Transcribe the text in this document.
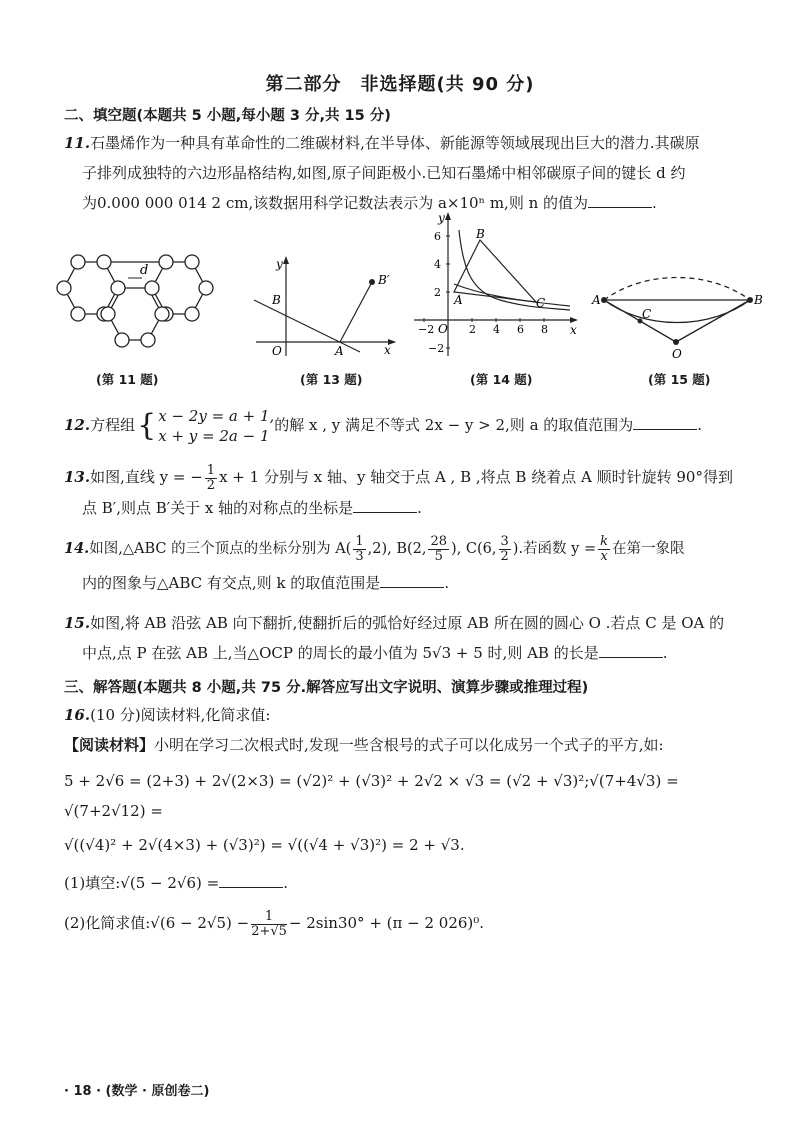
第二部分　非选择题(共 90 分)
二、填空题(本题共 5 小题,每小题 3 分,共 15 分)
11.石墨烯作为一种具有革命性的二维碳材料,在半导体、新能源等领域展现出巨大的潜力.其碳原
子排列成独特的六边形晶格结构,如图,原子间距极小.已知石墨烯中相邻碳原子间的键长 d 约
为0.000 000 014 2 cm,该数据用科学记数法表示为 a×10ⁿ m,则 n 的值为	.
d
(第 11 题)
y
x
B
B′
O	A
(第 13 题)
−2	2 4 6 8
6
4
2
−2
y
x
B
A	C
O
(第 14 题)
A	B
C
O
(第 15 题)
12.方程组{ x − 2y = a + 1,
x + y = 2a − 1
的解 x , y 满足不等式 2x − y > 2,则 a 的取值范围为	.
13.如图,直线 y = − $\frac{1}{2}$ x + 1 分别与 x 轴、y 轴交于点 A , B ,将点 B 绕着点 A 顺时针旋转 90°得到
点 B′,则点 B′关于 x 轴的对称点的坐标是	.
14.如图,△ABC 的三个顶点的坐标分别为 $A( \frac{1}{3} ,2)$, B(2, $\frac{28}{5}$ ), C(6, $\frac{3}{2}$ ).若函数 $y = \frac{k}{x}$ 在第一象限
内的图象与△ABC 有交点,则 k 的取值范围是	.
15.如图,将 AB 沿弦 AB 向下翻折,使翻折后的弧恰好经过原 AB 所在圆的圆心 O .若点 C 是 OA 的
中点,点 P 在弦 AB 上,当△OCP 的周长的最小值为 5√3 + 5 时,则 AB 的长是	.
三、解答题(本题共 8 小题,共 75 分.解答应写出文字说明、演算步骤或推理过程)
16.(10 分)阅读材料,化简求值:
【阅读材料】小明在学习二次根式时,发现一些含根号的式子可以化成另一个式子的平方,如:
5 + 2√6 = (2+3) + 2√(2×3) = (√2)² + (√3)² + 2√2 × √3 = (√2 + √3)²;√(7+4√3) = √(7+2√12) =
√((√4)² + 2√(4×3) + (√3)²) = √((√4 + √3)²) = 2 + √3.
(1)填空:√(5 − 2√6) =	.
(2)化简求值:√(6 − $2√5) - \frac{1}{2+√5} - 2\sin 30^\circ + (\pi - 2$ 026)⁰.
· 18 · (数学 · 原创卷二)
